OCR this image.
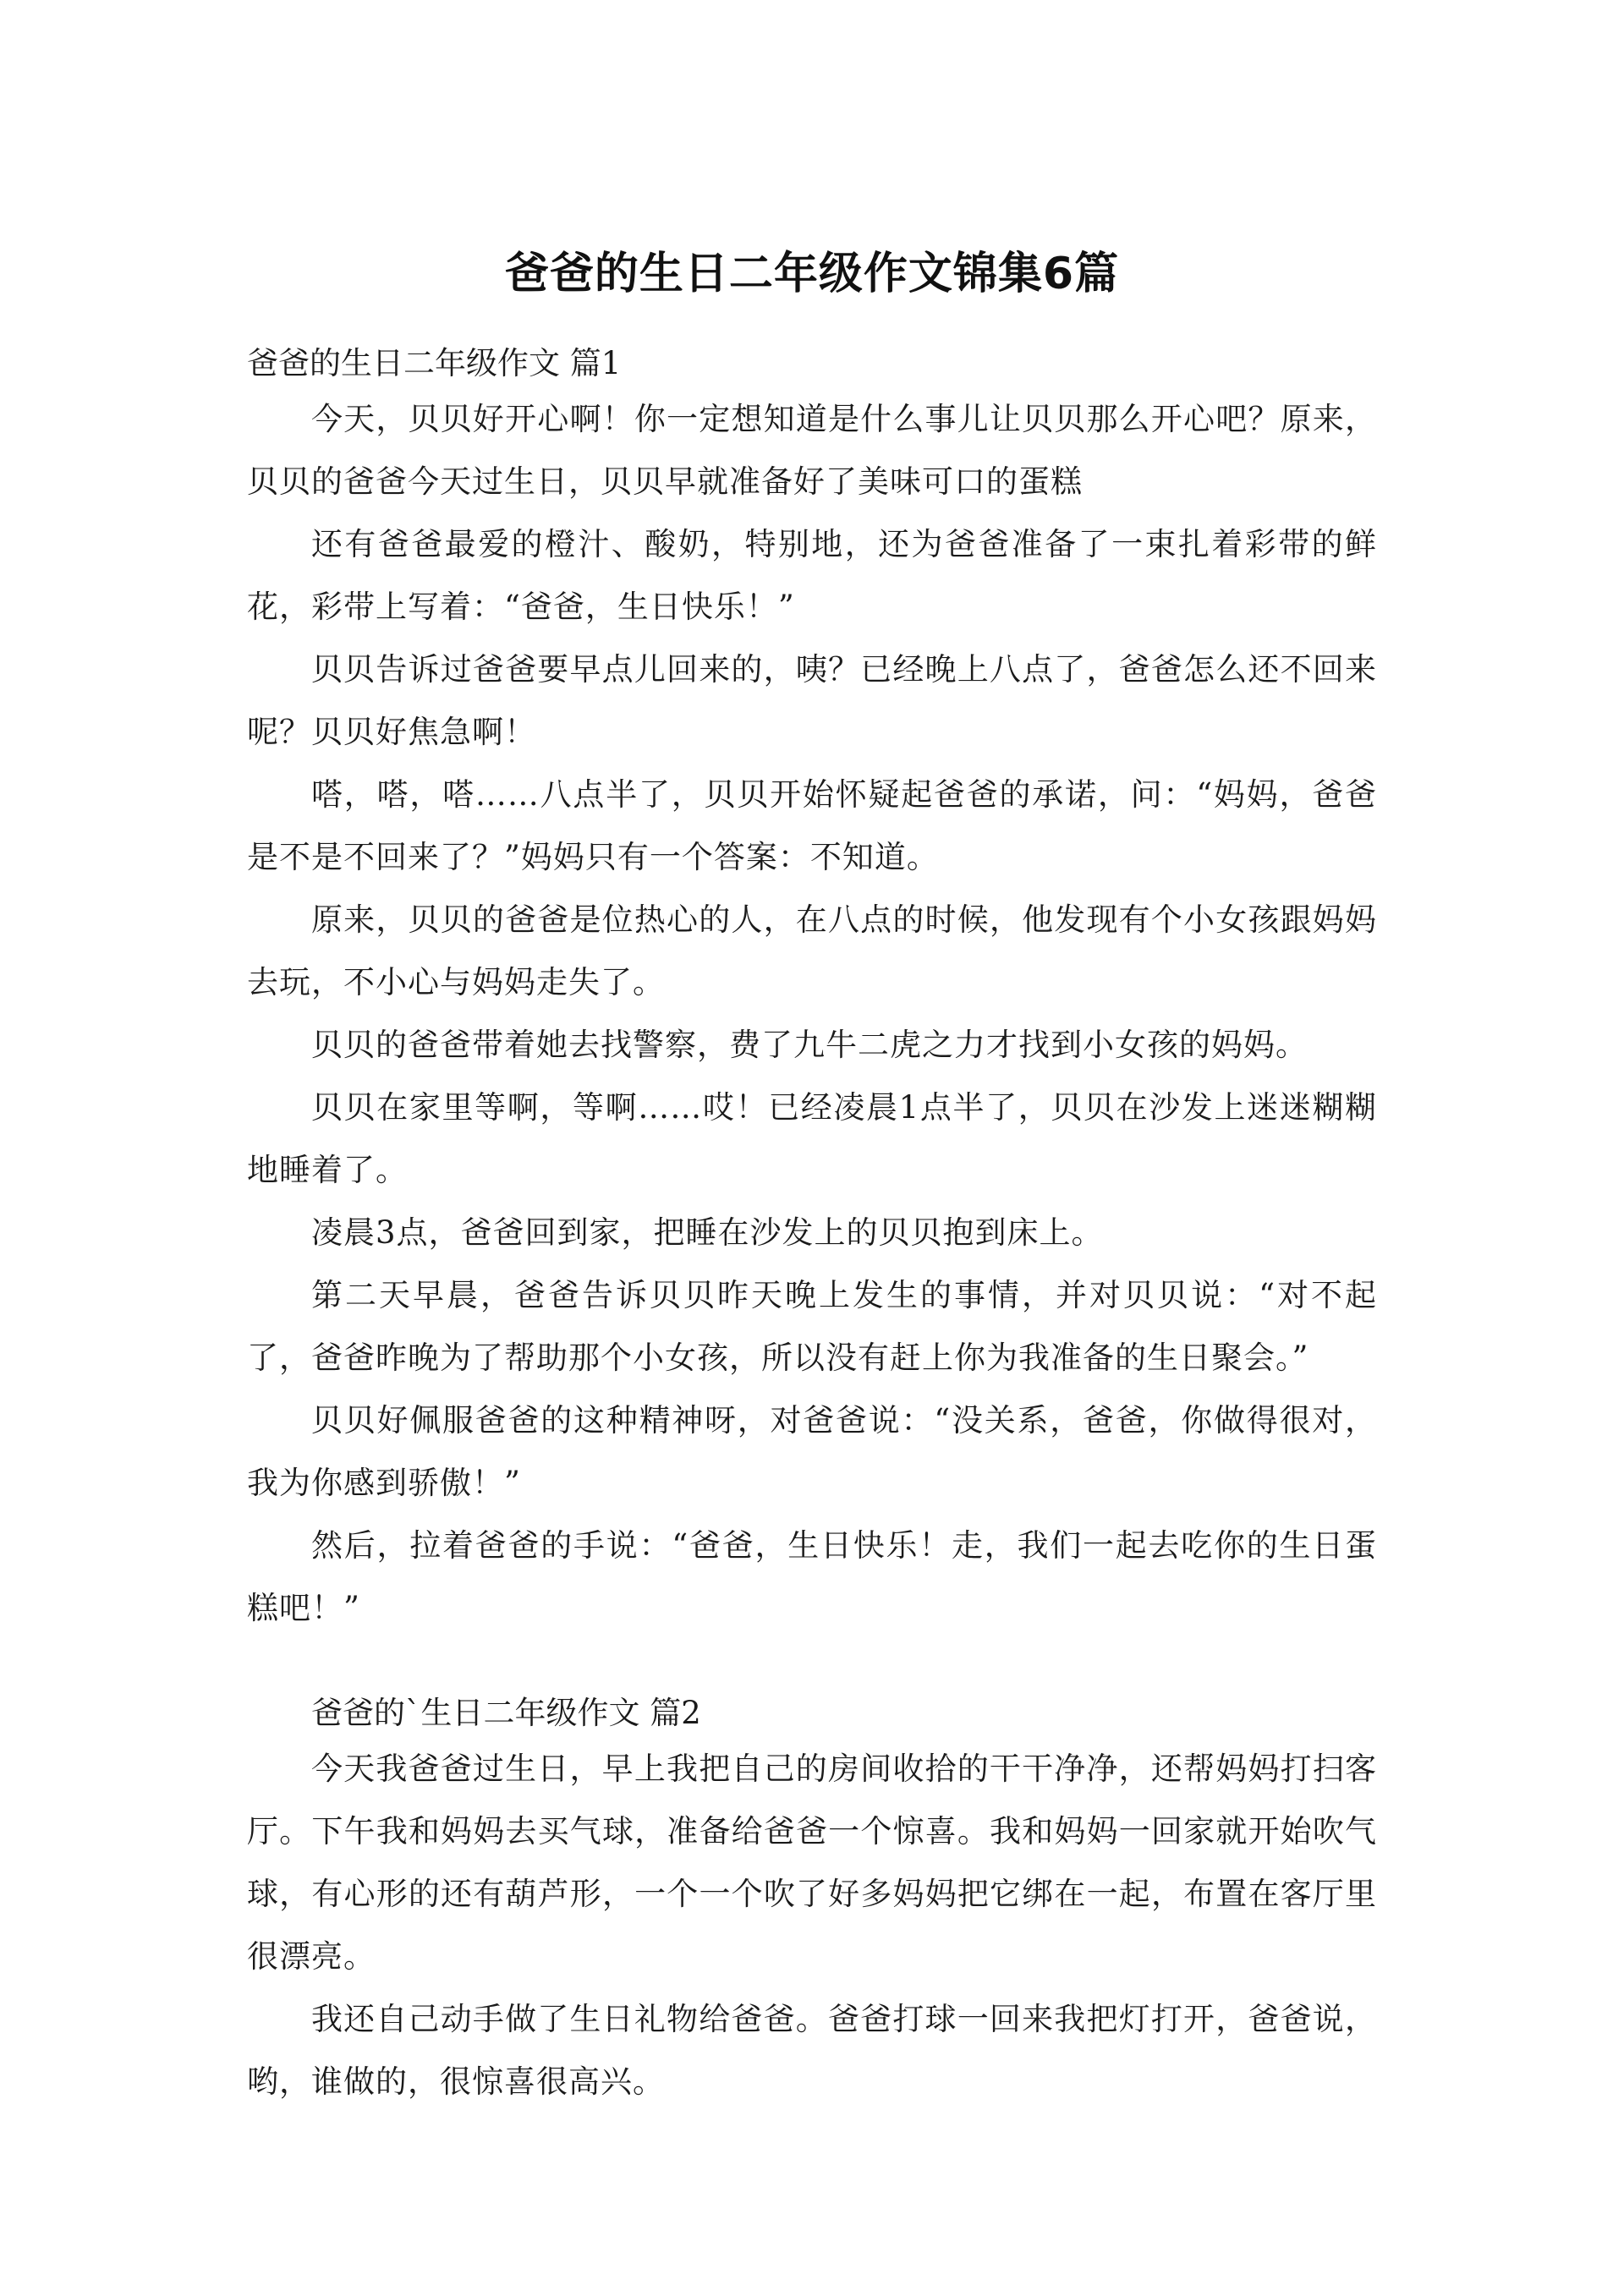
爸爸的生日二年级作文锦集6篇
爸爸的生日二年级作文 篇1

今天，贝贝好开心啊！你一定想知道是什么事儿让贝贝那么开心吧？原来，贝贝的爸爸今天过生日，贝贝早就准备好了美味可口的蛋糕

还有爸爸最爱的橙汁、酸奶，特别地，还为爸爸准备了一束扎着彩带的鲜花，彩带上写着：“爸爸，生日快乐！”

贝贝告诉过爸爸要早点儿回来的，咦？已经晚上八点了，爸爸怎么还不回来呢？贝贝好焦急啊！

嗒，嗒，嗒……八点半了，贝贝开始怀疑起爸爸的承诺，问：“妈妈，爸爸是不是不回来了？”妈妈只有一个答案：不知道。

原来，贝贝的爸爸是位热心的人，在八点的时候，他发现有个小女孩跟妈妈去玩，不小心与妈妈走失了。

贝贝的爸爸带着她去找警察，费了九牛二虎之力才找到小女孩的妈妈。

贝贝在家里等啊，等啊……哎！已经凌晨1点半了，贝贝在沙发上迷迷糊糊地睡着了。

凌晨3点，爸爸回到家，把睡在沙发上的贝贝抱到床上。

第二天早晨，爸爸告诉贝贝昨天晚上发生的事情，并对贝贝说：“对不起了，爸爸昨晚为了帮助那个小女孩，所以没有赶上你为我准备的生日聚会。”

贝贝好佩服爸爸的这种精神呀，对爸爸说：“没关系，爸爸，你做得很对，我为你感到骄傲！”

然后，拉着爸爸的手说：“爸爸，生日快乐！走，我们一起去吃你的生日蛋糕吧！”

爸爸的`生日二年级作文 篇2

今天我爸爸过生日，早上我把自己的房间收拾的干干净净，还帮妈妈打扫客厅。下午我和妈妈去买气球，准备给爸爸一个惊喜。我和妈妈一回家就开始吹气球，有心形的还有葫芦形，一个一个吹了好多妈妈把它绑在一起，布置在客厅里很漂亮。

我还自己动手做了生日礼物给爸爸。爸爸打球一回来我把灯打开，爸爸说，哟，谁做的，很惊喜很高兴。
